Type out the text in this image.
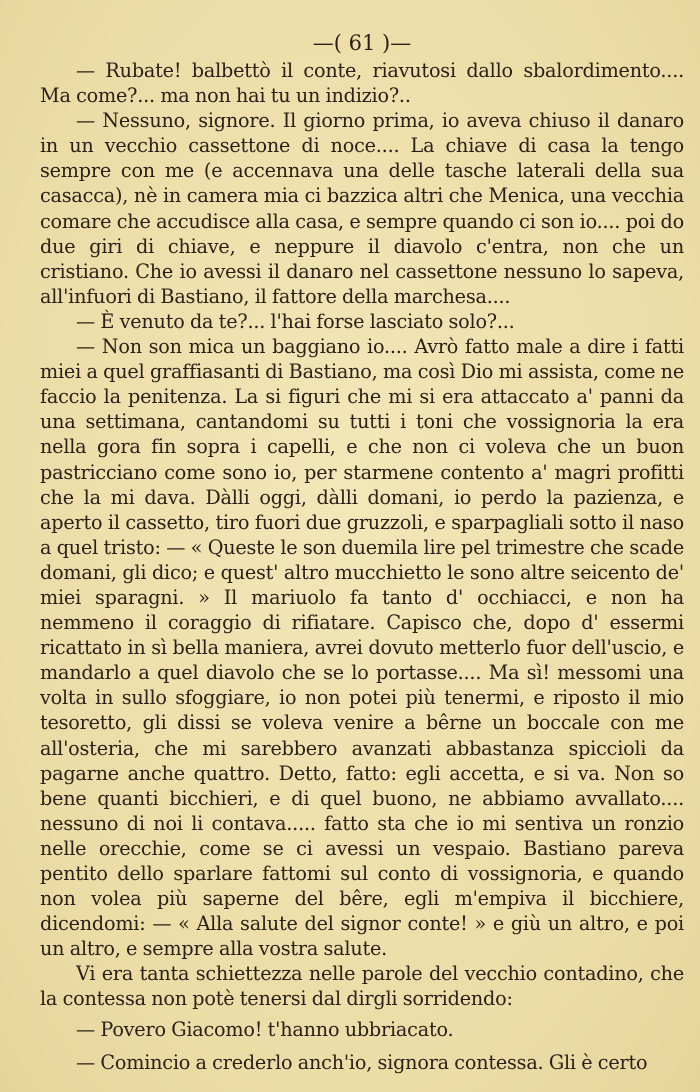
—( 61 )—

— Rubate! balbettò il conte, riavutosi dallo sbalordimento.... Ma come?... ma non hai tu un indizio?..

— Nessuno, signore. Il giorno prima, io aveva chiuso il danaro in un vecchio cassettone di noce.... La chiave di casa la tengo sempre con me (e accennava una delle tasche laterali della sua casacca), nè in camera mia ci bazzica altri che Menica, una vecchia comare che accudisce alla casa, e sempre quando ci son io.... poi do due giri di chiave, e neppure il diavolo c'entra, non che un cristiano. Che io avessi il danaro nel cassettone nessuno lo sapeva, all'infuori di Bastiano, il fattore della marchesa....

— È venuto da te?... l'hai forse lasciato solo?...

— Non son mica un baggiano io.... Avrò fatto male a dire i fatti miei a quel graffiasanti di Bastiano, ma così Dio mi assista, come ne faccio la penitenza. La si figuri che mi si era attaccato a' panni da una settimana, cantandomi su tutti i toni che vossignoria la era nella gora fin sopra i capelli, e che non ci voleva che un buon pastricciano come sono io, per starmene contento a' magri profitti che la mi dava. Dàlli oggi, dàlli domani, io perdo la pazienza, e aperto il cassetto, tiro fuori due gruzzoli, e sparpagliali sotto il naso a quel tristo: — « Queste le son duemila lire pel trimestre che scade domani, gli dico; e quest' altro mucchietto le sono altre seicento de' miei sparagni. » Il mariuolo fa tanto d' occhiacci, e non ha nemmeno il coraggio di rifiatare. Capisco che, dopo d' essermi ricattato in sì bella maniera, avrei dovuto metterlo fuor dell'uscio, e mandarlo a quel diavolo che se lo portasse.... Ma sì! messomi una volta in sullo sfoggiare, io non potei più tenermi, e riposto il mio tesoretto, gli dissi se voleva venire a bêrne un boccale con me all'osteria, che mi sarebbero avanzati abbastanza spiccioli da pagarne anche quattro. Detto, fatto: egli accetta, e si va. Non so bene quanti bicchieri, e di quel buono, ne abbiamo avvallato.... nessuno di noi li contava..... fatto sta che io mi sentiva un ronzio nelle orecchie, come se ci avessi un vespaio. Bastiano pareva pentito dello sparlare fattomi sul conto di vossignoria, e quando non volea più saperne del bêre, egli m'empiva il bicchiere, dicendomi: — « Alla salute del signor conte! » e giù un altro, e poi un altro, e sempre alla vostra salute.

Vi era tanta schiettezza nelle parole del vecchio contadino, che la contessa non potè tenersi dal dirgli sorridendo:

— Povero Giacomo! t'hanno ubbriacato.

— Comincio a crederlo anch'io, signora contessa. Gli è certo
